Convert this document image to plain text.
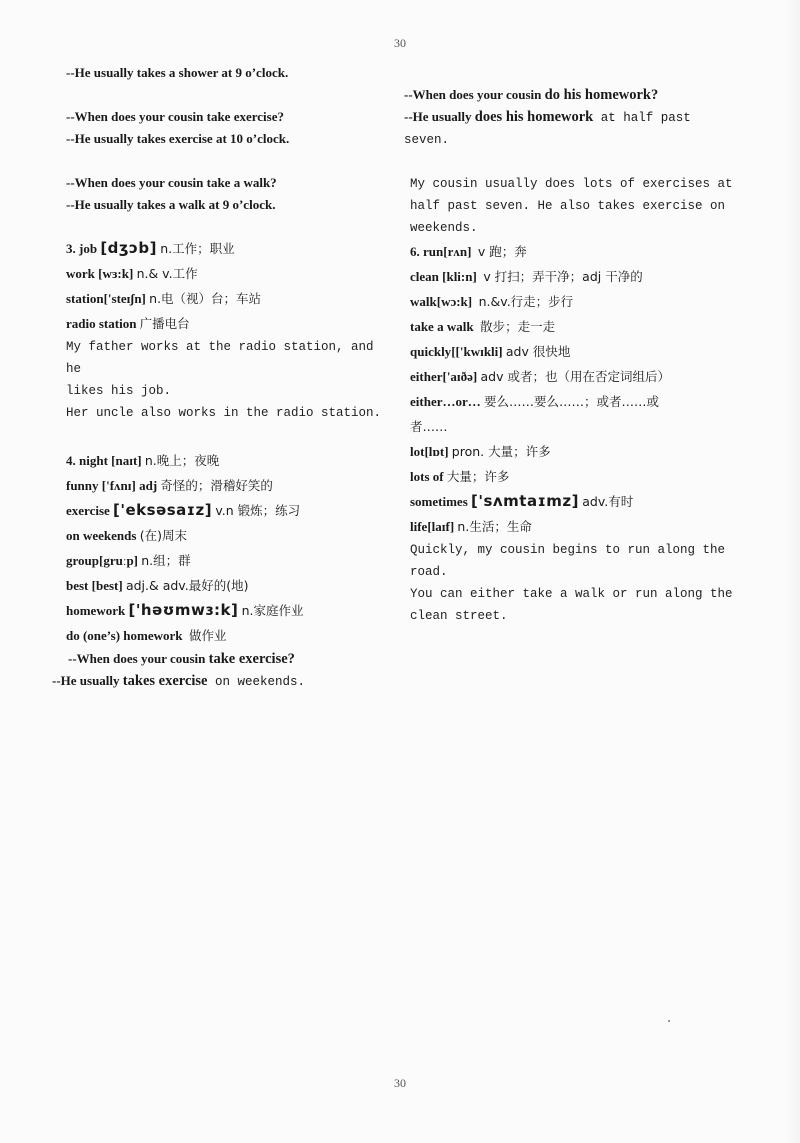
30
--He usually takes a shower at 9 o’clock.
--When does your cousin take exercise?
--He usually takes exercise at 10 o’clock.
--When does your cousin take a walk?
--He usually takes a walk at 9 o’clock.
3. job [dʒɔb] n.工作；职业
work [wɜ:k] n.& v.工作
station['steɪʃn] n.电（视）台；车站
radio station 广播电台
My father works at the radio station, and he
likes his job.
Her uncle also works in the radio station.
4. night [naɪt] n.晚上；夜晚
funny ['fʌnɪ] adj 奇怪的；滑稽好笑的
exercise ['eksəsaɪz] v.n 锻炼；练习
on weekends (在)周末
group[gruːp] n.组；群
best [best] adj.& adv.最好的(地)
homework ['həʊmwɜ:k] n.家庭作业
do (one’s) homework 做作业
--When does your cousin take exercise?
--He usually takes exercise on weekends.
--When does your cousin do his homework?
--He usually does his homework at half past
seven.
My cousin usually does lots of exercises at
half past seven. He also takes exercise on
weekends.
6. run[rʌn] v 跑；奔
clean [kli:n] v 打扫；弄干净；adj 干净的
walk[wɔ:k] n.&v.行走；步行
take a walk 散步；走一走
quickly[['kwɪkli] adv 很快地
either['aɪðə] adv 或者；也（用在否定词组后）
either…or… 要么……要么……；或者……或
者……
lot[lɒt] pron. 大量；许多
lots of 大量；许多
sometimes ['sʌmtaɪmz] adv.有时
life[laɪf] n.生活；生命
Quickly, my cousin begins to run along the
road.
You can either take a walk or run along the
clean street.
30
